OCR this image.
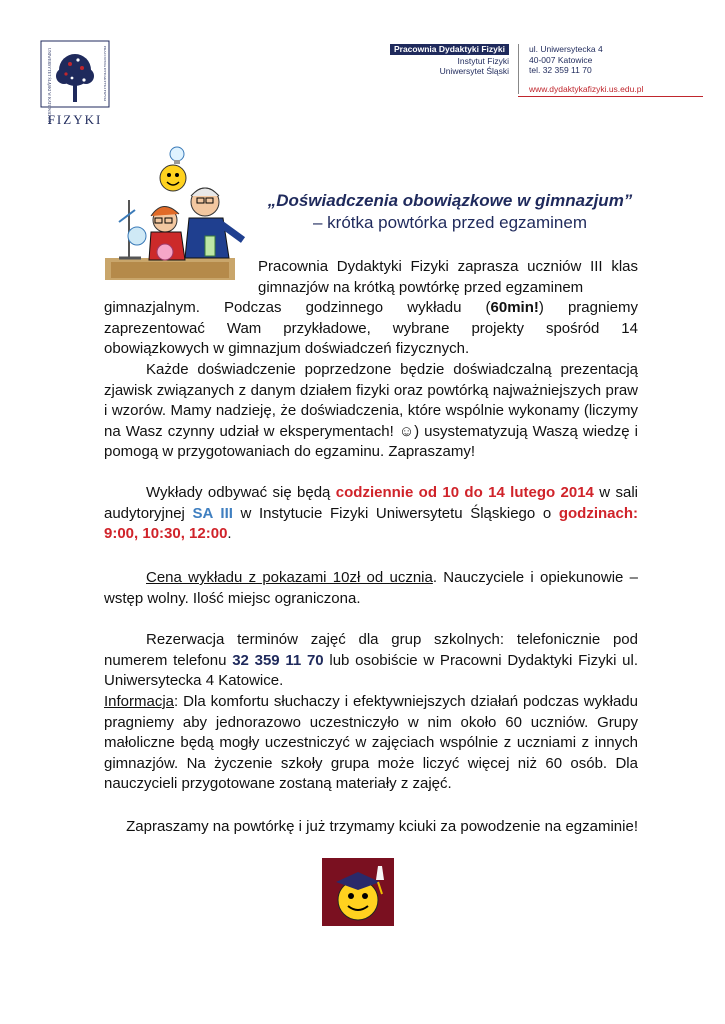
UNIWERSYTET ŚLĄSKI W KATOWICACH	PRACOWNIA DYDAKTYKI FIZYKI
FIZYKI
Pracownia Dydaktyki Fizyki
Instytut Fizyki
Uniwersytet Śląski
ul. Uniwersytecka 4
40-007 Katowice
tel. 32 359 11 70
www.dydaktykafizyki.us.edu.pl
„Doświadczenia obowiązkowe w gimnazjum”
– krótka powtórka przed egzaminem
Pracownia Dydaktyki Fizyki zaprasza uczniów III klas gimnazjów na krótką powtórkę przed egzaminem
gimnazjalnym. Podczas godzinnego wykładu (60min!) pragniemy zaprezentować Wam przykładowe, wybrane projekty spośród 14 obowiązkowych w gimnazjum doświadczeń fizycznych.
Każde doświadczenie poprzedzone będzie doświadczalną prezentacją zjawisk związanych z danym działem fizyki oraz powtórką najważniejszych praw i wzorów. Mamy nadzieję, że doświadczenia, które wspólnie wykonamy (liczymy na Wasz czynny udział w eksperymentach! ☺) usystematyzują Waszą wiedzę i pomogą w przygotowaniach do egzaminu. Zapraszamy!
Wykłady odbywać się będą codziennie od 10 do 14 lutego 2014 w sali audytoryjnej SA III w Instytucie Fizyki Uniwersytetu Śląskiego o godzinach: 9:00, 10:30, 12:00.
Cena wykładu z pokazami 10zł od ucznia. Nauczyciele i opiekunowie – wstęp wolny. Ilość miejsc ograniczona.
Rezerwacja terminów zajęć dla grup szkolnych: telefonicznie pod numerem telefonu 32 359 11 70 lub osobiście w Pracowni Dydaktyki Fizyki ul. Uniwersytecka 4 Katowice.
Informacja: Dla komfortu słuchaczy i efektywniejszych działań podczas wykładu pragniemy aby jednorazowo uczestniczyło w nim około 60 uczniów. Grupy małoliczne będą mogły uczestniczyć w zajęciach wspólnie z uczniami z innych gimnazjów. Na życzenie szkoły grupa może liczyć więcej niż 60 osób. Dla nauczycieli przygotowane zostaną materiały z zajęć.
Zapraszamy na powtórkę i już trzymamy kciuki za powodzenie na egzaminie!
